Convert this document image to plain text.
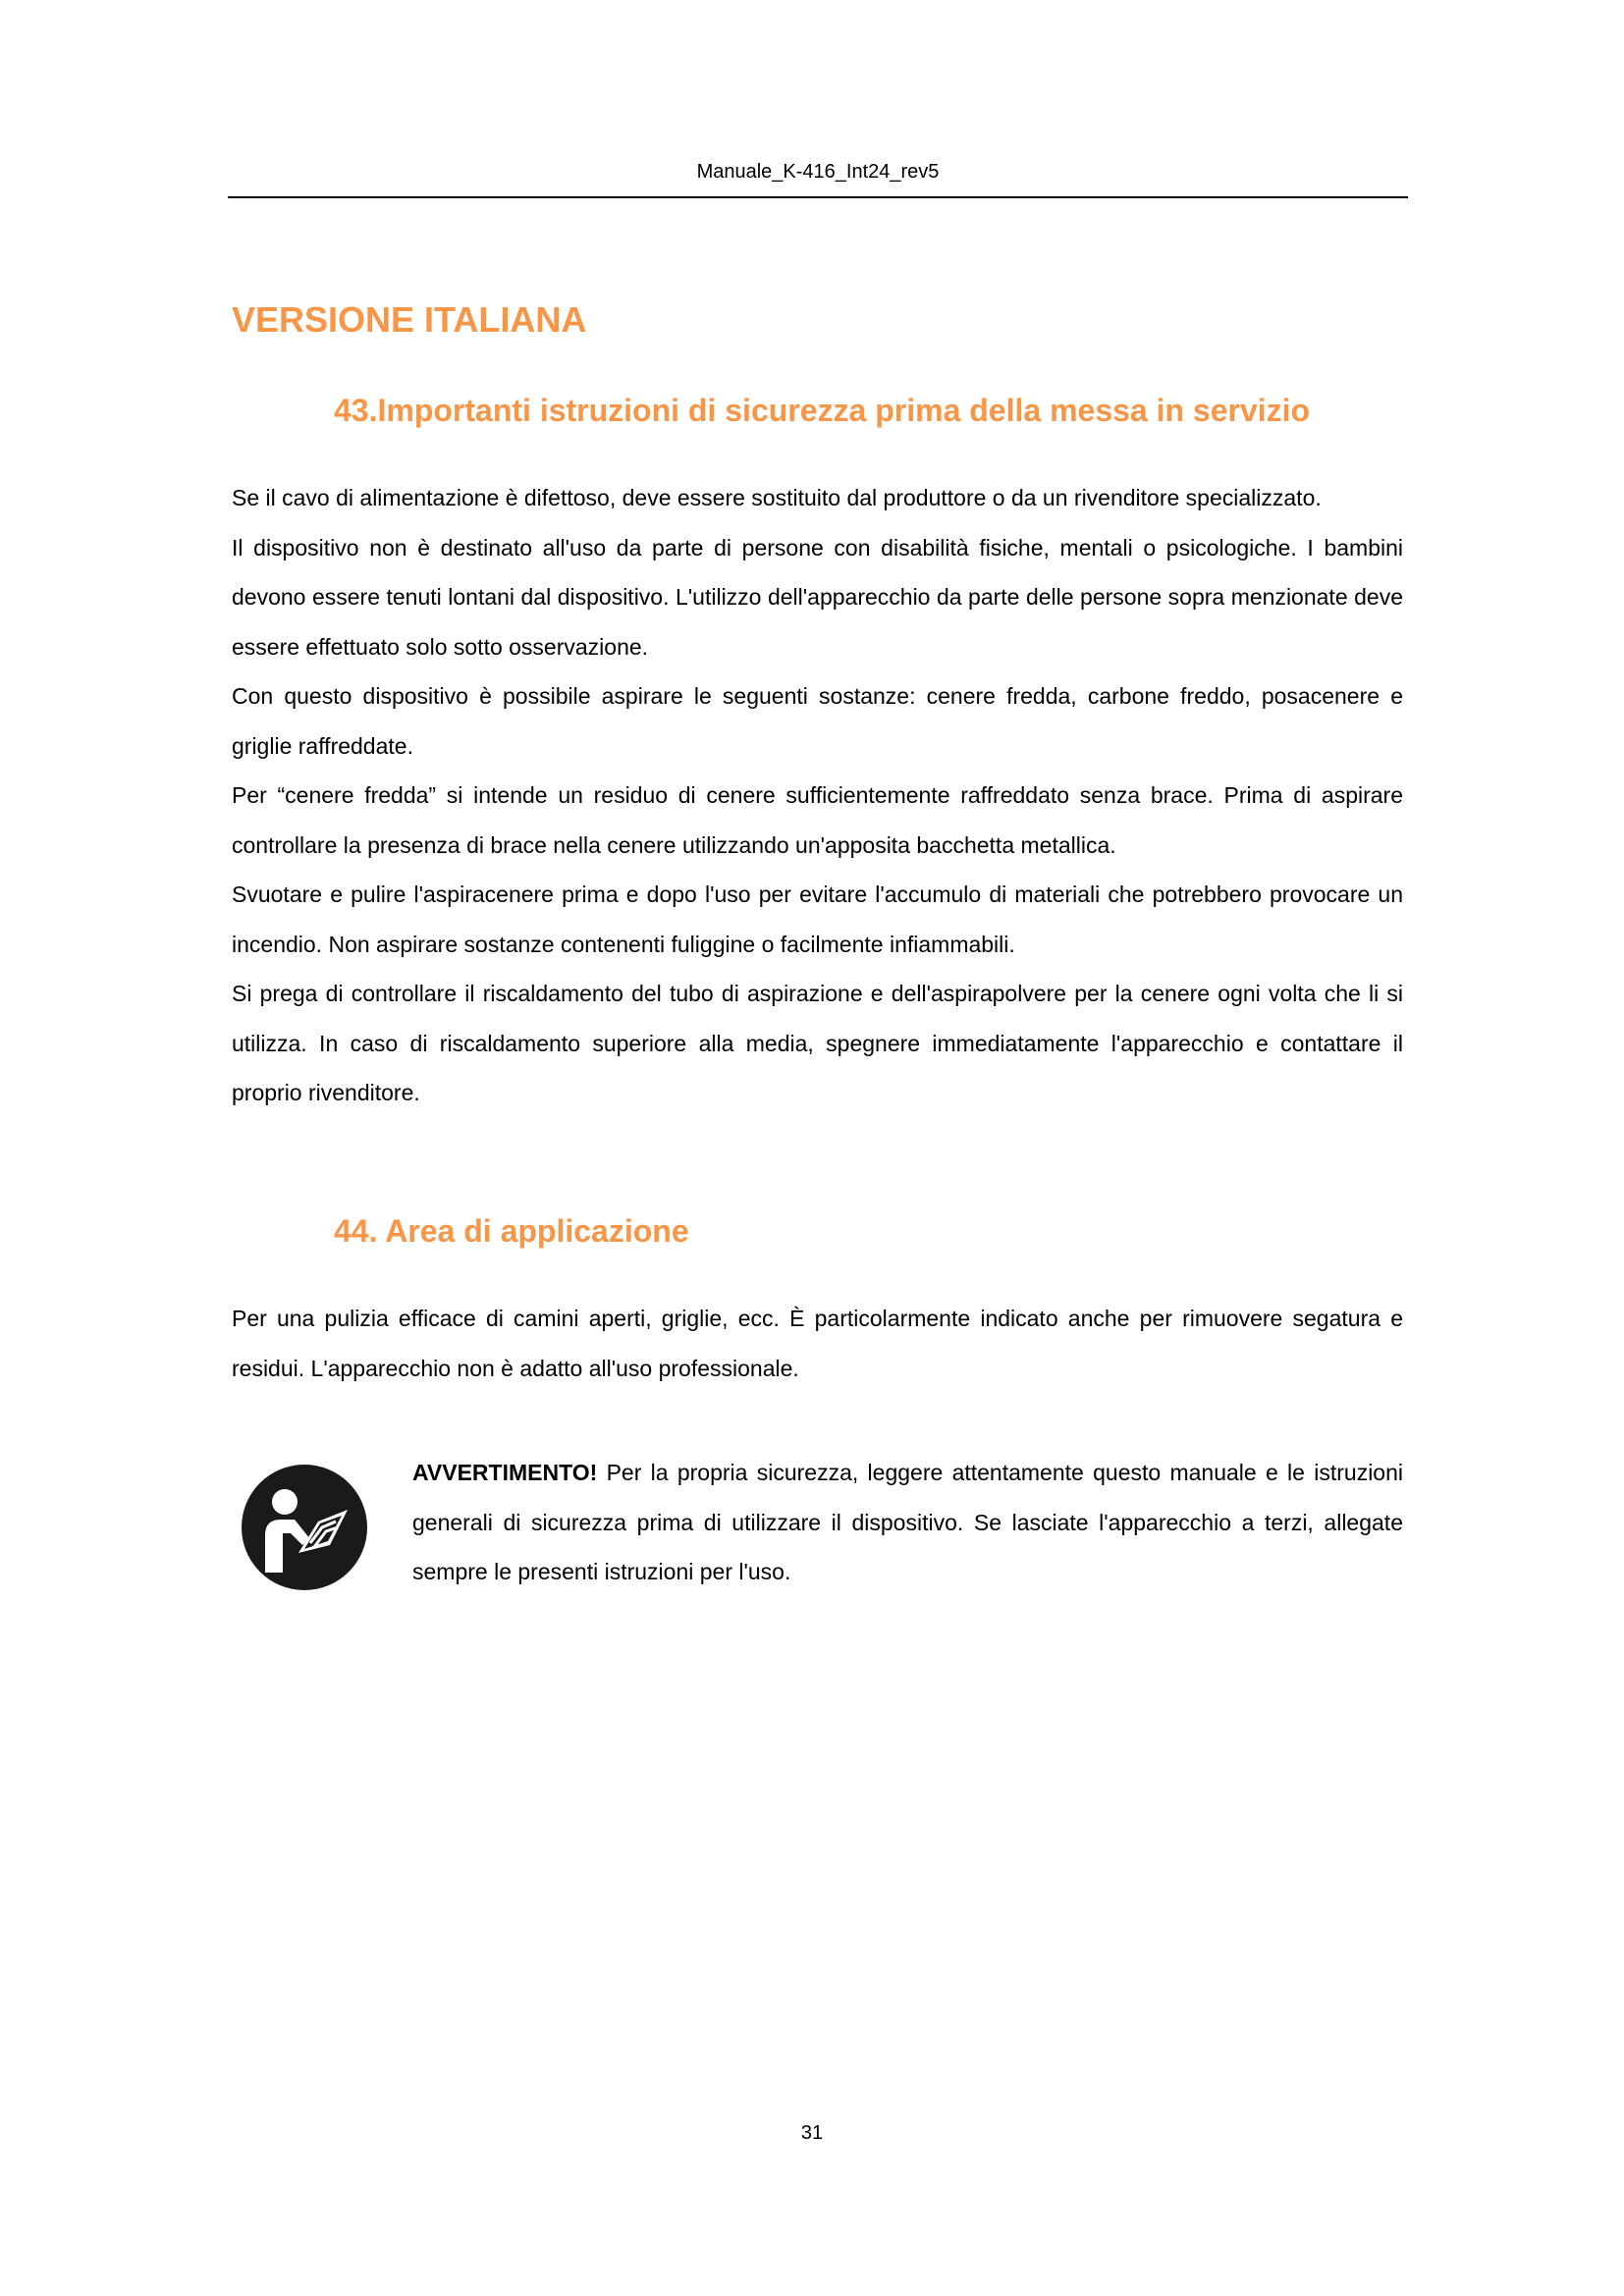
Manuale_K-416_Int24_rev5
VERSIONE ITALIANA
43.Importanti istruzioni di sicurezza prima della messa in servizio

Se il cavo di alimentazione è difettoso, deve essere sostituito dal produttore o da un rivenditore specializzato.

Il dispositivo non è destinato all'uso da parte di persone con disabilità fisiche, mentali o psicologiche. I bambini devono essere tenuti lontani dal dispositivo. L'utilizzo dell'apparecchio da parte delle persone sopra menzionate deve essere effettuato solo sotto osservazione.

Con questo dispositivo è possibile aspirare le seguenti sostanze: cenere fredda, carbone freddo, posacenere e griglie raffreddate.

Per “cenere fredda” si intende un residuo di cenere sufficientemente raffreddato senza brace. Prima di aspirare controllare la presenza di brace nella cenere utilizzando un'apposita bacchetta metallica.

Svuotare e pulire l'aspiracenere prima e dopo l'uso per evitare l'accumulo di materiali che potrebbero provocare un incendio. Non aspirare sostanze contenenti fuliggine o facilmente infiammabili.

Si prega di controllare il riscaldamento del tubo di aspirazione e dell'aspirapolvere per la cenere ogni volta che li si utilizza. In caso di riscaldamento superiore alla media, spegnere immediatamente l'apparecchio e contattare il proprio rivenditore.

44. Area di applicazione

Per una pulizia efficace di camini aperti, griglie, ecc. È particolarmente indicato anche per rimuovere segatura e residui. L'apparecchio non è adatto all'uso professionale.

AVVERTIMENTO! Per la propria sicurezza, leggere attentamente questo manuale e le istruzioni generali di sicurezza prima di utilizzare il dispositivo. Se lasciate l'apparecchio a terzi, allegate sempre le presenti istruzioni per l'uso.

31
